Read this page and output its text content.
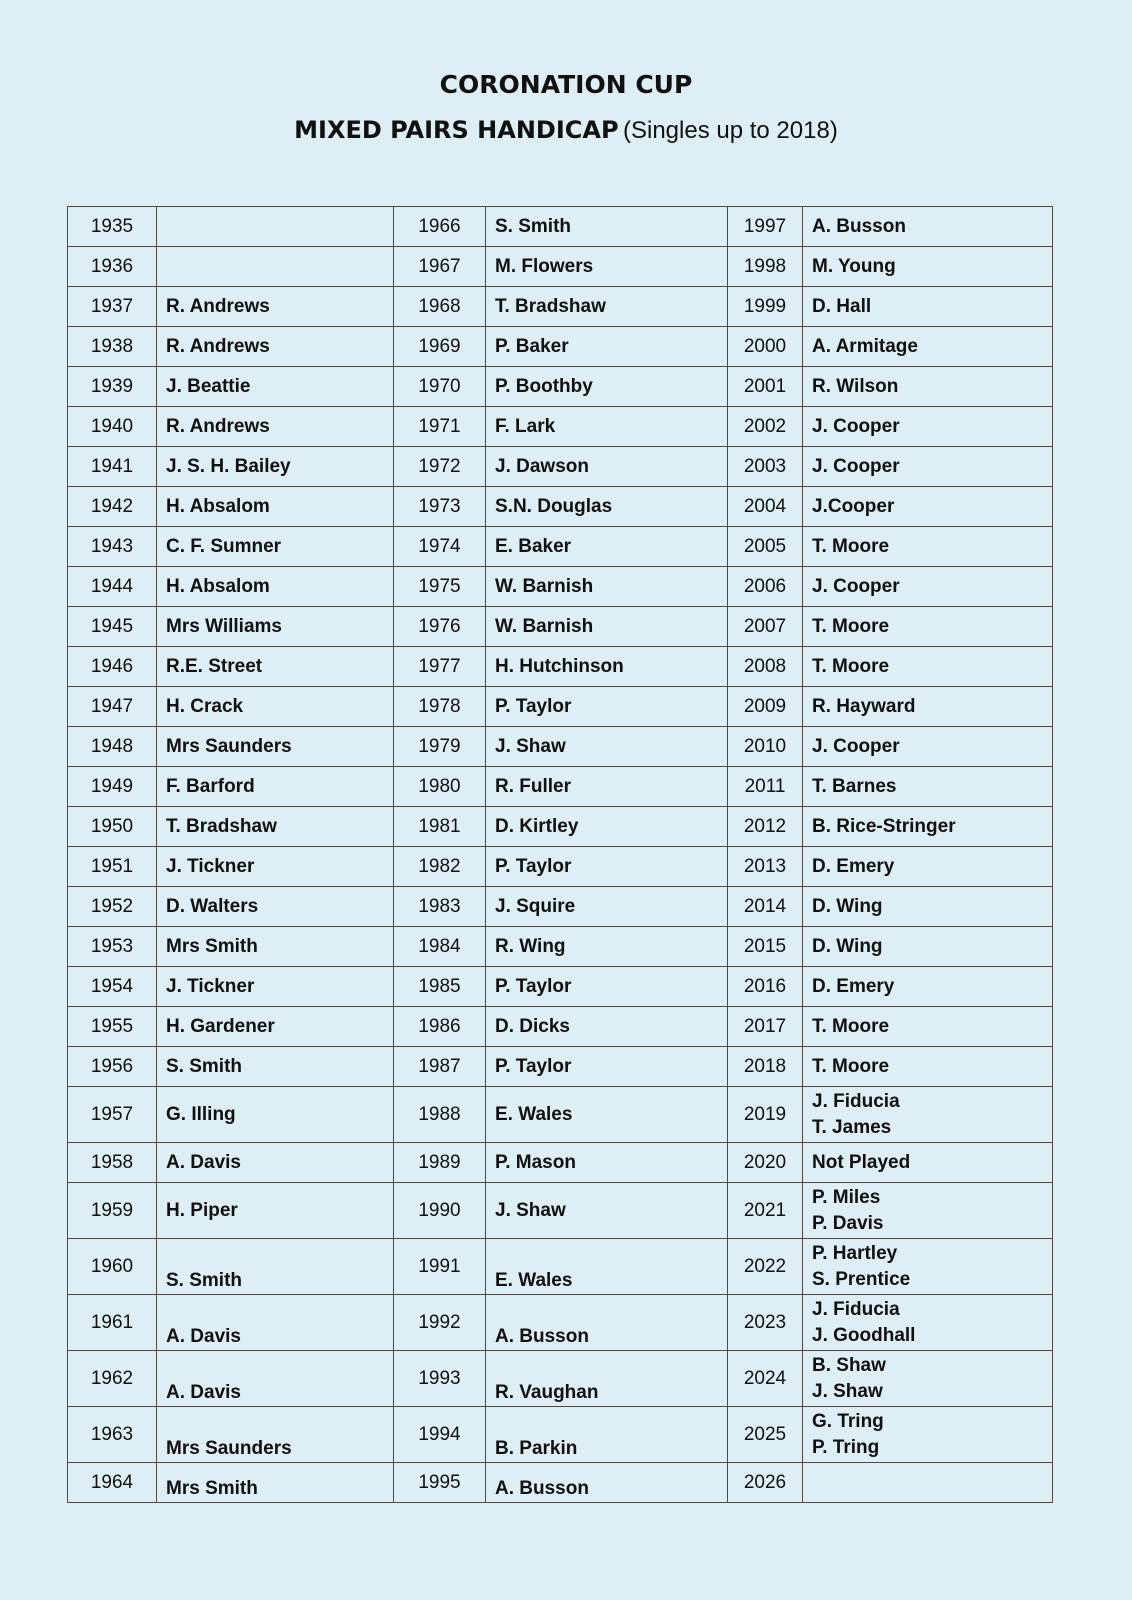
CORONATION CUP
MIXED PAIRS HANDICAP (Singles up to 2018)
1935		1966	S. Smith	1997	A. Busson

1936		1967	M. Flowers	1998	M. Young

1937	R. Andrews	1968	T. Bradshaw	1999	D. Hall

1938	R. Andrews	1969	P. Baker	2000	A. Armitage

1939	J. Beattie	1970	P. Boothby	2001	R. Wilson

1940	R. Andrews	1971	F. Lark	2002	J. Cooper

1941	J. S. H. Bailey	1972	J. Dawson	2003	J. Cooper

1942	H. Absalom	1973	S.N. Douglas	2004	J.Cooper

1943	C. F. Sumner	1974	E. Baker	2005	T. Moore

1944	H. Absalom	1975	W. Barnish	2006	J. Cooper

1945	Mrs Williams	1976	W. Barnish	2007	T. Moore

1946	R.E. Street	1977	H. Hutchinson	2008	T. Moore

1947	H. Crack	1978	P. Taylor	2009	R. Hayward

1948	Mrs Saunders	1979	J. Shaw	2010	J. Cooper

1949	F. Barford	1980	R. Fuller	2011	T. Barnes

1950	T. Bradshaw	1981	D. Kirtley	2012	B. Rice-Stringer

1951	J. Tickner	1982	P. Taylor	2013	D. Emery

1952	D. Walters	1983	J. Squire	2014	D. Wing

1953	Mrs Smith	1984	R. Wing	2015	D. Wing

1954	J. Tickner	1985	P. Taylor	2016	D. Emery

1955	H. Gardener	1986	D. Dicks	2017	T. Moore

1956	S. Smith	1987	P. Taylor	2018	T. Moore

1957	G. Illing	1988	E. Wales	2019	J. Fiducia
T. James

1958	A. Davis	1989	P. Mason	2020	Not Played

1959	H. Piper	1990	J. Shaw	2021	P. Miles
P. Davis

1960	S. Smith	1991	E. Wales	2022	P. Hartley
S. Prentice

1961	A. Davis	1992	A. Busson	2023	J. Fiducia
J. Goodhall

1962	A. Davis	1993	R. Vaughan	2024	B. Shaw
J. Shaw

1963	Mrs Saunders	1994	B. Parkin	2025	G. Tring
P. Tring

1964	Mrs Smith	1995	A. Busson	2026	
